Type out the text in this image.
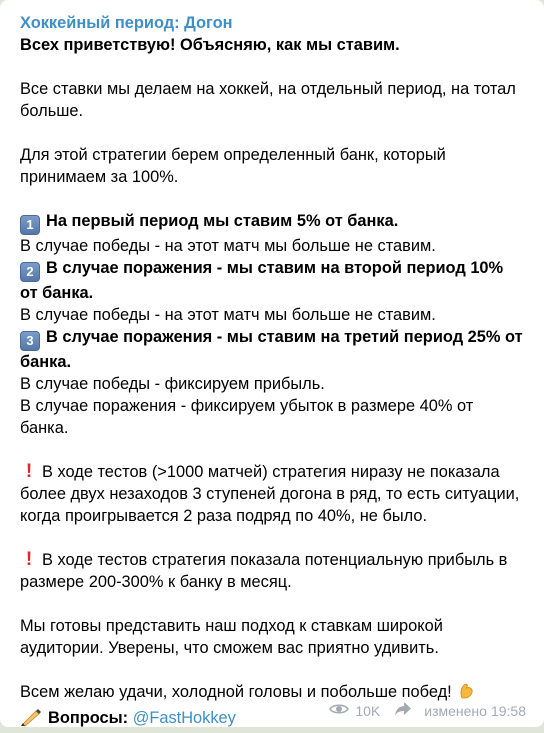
Хоккейный период: Догон

Всех приветствую! Объясняю, как мы ставим.

Все ставки мы делаем на хоккей, на отдельный период, на тотал больше.

Для этой стратегии берем определенный банк, который принимаем за 100%.

1 На первый период мы ставим 5% от банка.

В случае победы - на этот матч мы больше не ставим.

2 В случае поражения - мы ставим на второй период 10% от банка.

В случае победы - на этот матч мы больше не ставим.

3 В случае поражения - мы ставим на третий период 25% от банка.

В случае победы - фиксируем прибыль.

В случае поражения - фиксируем убыток в размере 40% от банка.

! В ходе тестов (>1000 матчей) стратегия ниразу не показала более двух незаходов 3 ступеней догона в ряд, то есть ситуации, когда проигрывается 2 раза подряд по 40%, не было.

! В ходе тестов стратегия показала потенциальную прибыль в размере 200-300% к банку в месяц.

Мы готовы представить наш подход к ставкам широкой аудитории. Уверены, что сможем вас приятно удивить.

Всем желаю удачи, холодной головы и побольше побед!

Вопросы: @FastHokkey	10K	изменено 19:58
